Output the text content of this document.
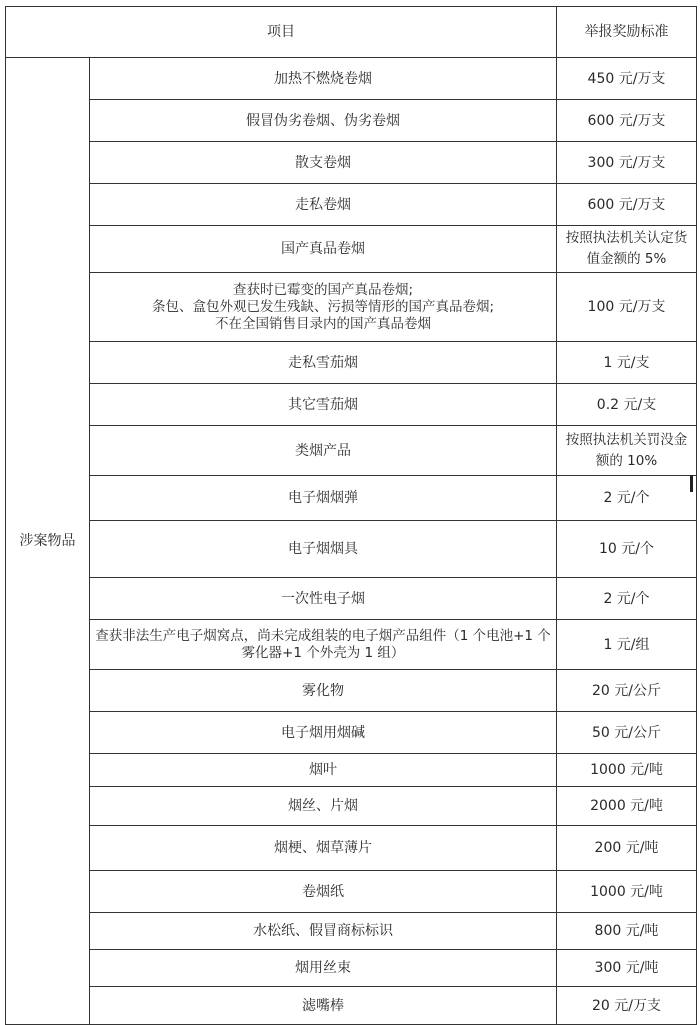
项目		举报奖励标准
涉案物品	加热不燃烧卷烟	450 元/万支
	假冒伪劣卷烟、伪劣卷烟	600 元/万支
	散支卷烟	300 元/万支
	走私卷烟	600 元/万支
	国产真品卷烟	按照执法机关认定货值金额的 5%

	查获时已霉变的国产真品卷烟;
条包、盒包外观已发生残缺、污损等情形的国产真品卷烟;
不在全国销售目录内的国产真品卷烟	100 元/万支
	走私雪茄烟	1 元/支
	其它雪茄烟	0.2 元/支
	类烟产品	按照执法机关罚没金额的 10%
	电子烟烟弹	2 元/个
	电子烟烟具	10 元/个
	一次性电子烟	2 元/个
	查获非法生产电子烟窝点，尚未完成组装的电子烟产品组件（1 个电池+1 个雾化器+1 个外壳为 1 组）	1 元/组
	雾化物	20 元/公斤
	电子烟用烟碱	50 元/公斤
	烟叶	1000 元/吨
	烟丝、片烟	2000 元/吨
	烟梗、烟草薄片	200 元/吨
	卷烟纸	1000 元/吨
	水松纸、假冒商标标识	800 元/吨
	烟用丝束	300 元/吨
	滤嘴棒	20 元/万支
